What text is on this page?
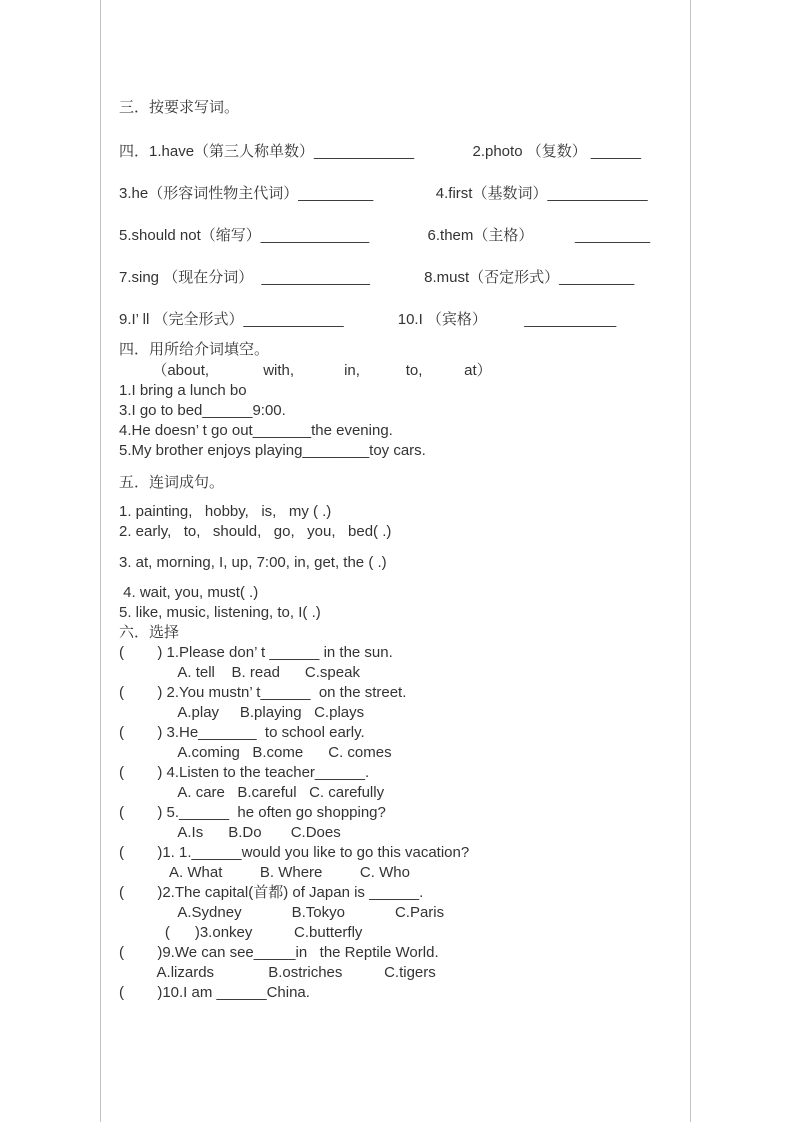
三．按要求写词。
四．1.have（第三人称单数）____________              2.photo （复数） ______
3.he（形容词性物主代词）_________               4.first（基数词）____________
5.should not（缩写）_____________              6.them（主格）          _________
7.sing （现在分词）  _____________             8.must（否定形式）_________
9.I’ ll （完全形式）____________             10.I （宾格）         ___________
四．用所给介词填空。
（about,             with,            in,           to,          at）
1.I bring a lunch bo
3.I go to bed______9:00.
4.He doesn’ t go out_______the evening.
5.My brother enjoys playing________toy cars.
五．连词成句。
1. painting,   hobby,   is,   my ( .)
2. early,   to,   should,   go,   you,   bed( .)
3. at, morning, I, up, 7:00, in, get, the ( .)
4. wait, you, must( .)
5. like, music, listening, to, I( .)
六．选择
(        ) 1.Please don’ t ______ in the sun.
A. tell    B. read      C.speak
(        ) 2.You mustn’ t______  on the street.
A.play     B.playing   C.plays
(        ) 3.He_______  to school early.
A.coming   B.come      C. comes
(        ) 4.Listen to the teacher______.
A. care   B.careful   C. carefully
(        ) 5.______  he often go shopping?
A.Is      B.Do       C.Does
(        )1. 1.______would you like to go this vacation?
A. What         B. Where         C. Who
(        )2.The capital(首都) of Japan is ______.
A.Sydney            B.Tokyo            C.Paris
(      )3.onkey          C.butterfly
(        )9.We can see_____in   the Reptile World.
A.lizards             B.ostriches          C.tigers
(        )10.I am ______China.
